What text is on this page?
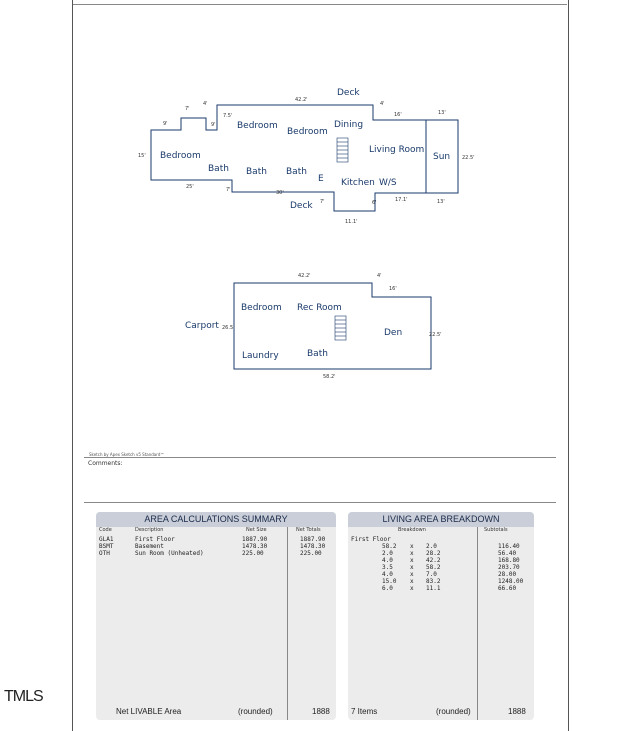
Deck
Bedroom
Bedroom
Dining
Living Room
Sun
Bedroom
Bath Bath Bath
E Kitchen W/S
Deck
42.2'
7'
4'
9'
7.5'
9'
4'
16'	13'
15'	22.5'
25'	7'	30'
7'	6'	17.1'	13'
11.1'
Bedroom Rec Room
Carport
Den
Laundry	Bath
42.2'	4'
16'
26.5'
22.5'
58.2'
Sketch by Apex Sketch v5 Standard™
Comments:
AREA CALCULATIONS SUMMARY
Code	Description	Net Size	Net Totals
GLA1	First Floor	1887.90	1887.90
BSMT	Basement	1478.30	1478.30
OTH	Sun Room (Unheated)	225.00	225.00
Net LIVABLE Area	(rounded)	1888
LIVING AREA BREAKDOWN
Breakdown	Subtotals
First Floor
58.2 x 2.0	116.40
2.0	x 28.2	56.40
4.0	x 42.2	168.80
3.5	x 58.2	203.70
4.0	x 7.0	28.00
15.0 x 83.2	1248.00
6.0	x 11.1	66.60
7 Items	(rounded)	1888
TMLS
